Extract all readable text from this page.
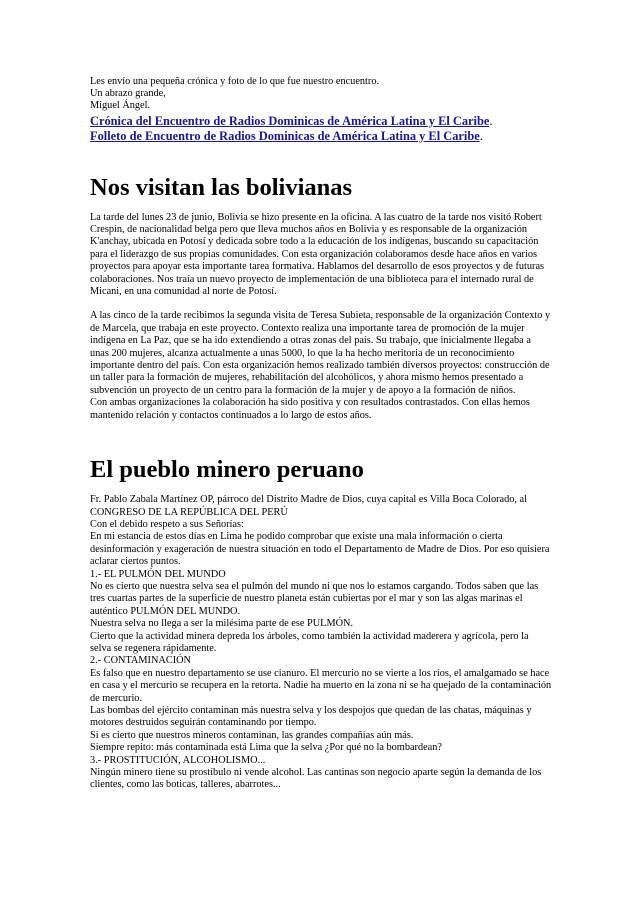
Les envío una pequeña crónica y foto de lo que fue nuestro encuentro.

Un abrazo grande,

Miguel Ángel.

Crónica del Encuentro de Radios Dominicas de América Latina y El Caribe.

Folleto de Encuentro de Radios Dominicas de América Latina y El Caribe.

Nos visitan las bolivianas

La tarde del lunes 23 de junio, Bolivia se hizo presente en la oficina. A las cuatro de la tarde nos visitó Robert Crespín, de nacionalidad belga pero que lleva muchos años en Bolivia y es responsable de la organización K'anchay, ubicada en Potosí y dedicada sobre todo a la educación de los indígenas, buscando su capacitación para el liderazgo de sus propias comunidades. Con esta organización colaboramos desde hace años en varios proyectos para apoyar esta importante tarea formativa. Hablamos del desarrollo de esos proyectos y de futuras colaboraciones. Nos traía un nuevo proyecto de implementación de una biblioteca para el internado rural de Micani, en una comunidad al norte de Potosí.

A las cinco de la tarde recibimos la segunda visita de Teresa Subieta, responsable de la organización Contexto y de Marcela, que trabaja en este proyecto. Contexto realiza una importante tarea de promoción de la mujer indígena en La Paz, que se ha ido extendiendo a otras zonas del país. Su trabajo, que inicialmente llegaba a unas 200 mujeres, alcanza actualmente a unas 5000, lo que la ha hecho meritoria de un reconocimiento importante dentro del país. Con esta organización hemos realizado también diversos proyectos: construcción de un taller para la formación de mujeres, rehabilitación del alcohólicos, y ahora mismo hemos presentado a subvención un proyecto de un centro para la formación de la mujer y de apoyo a la formación de niños.

Con ambas organizaciones la colaboración ha sido positiva y con resultados contrastados. Con ellas hemos mantenido relación y contactos continuados a lo largo de estos años.

El pueblo minero peruano

Fr. Pablo Zabala Martínez OP, párroco del Distrito Madre de Dios, cuya capital es Villa Boca Colorado, al CONGRESO DE LA REPÚBLICA DEL PERÚ

Con el debido respeto a sus Señorías:

En mi estancia de estos días en Lima he podido comprobar que existe una mala información o cierta desinformación y exageración de nuestra situación en todo el Departamento de Madre de Dios. Por eso quisiera aclarar ciertos puntos.

1.- EL PULMÓN DEL MUNDO

No es cierto que nuestra selva sea el pulmón del mundo ni que nos lo estamos cargando. Todos saben que las tres cuartas partes de la superficie de nuestro planeta están cubiertas por el mar y son las algas marinas el auténtico PULMÓN DEL MUNDO.

Nuestra selva no llega a ser la milésima parte de ese PULMÓN.

Cierto que la actividad minera depreda los árboles, como también la actividad maderera y agrícola, pero la selva se regenera rápidamente.

2.- CONTAMINACIÓN

Es falso que en nuestro departamento se use cianuro. El mercurio no se vierte a los ríos, el amalgamado se hace en casa y el mercurio se recupera en la retorta. Nadie ha muerto en la zona ni se ha quejado de la contaminación de mercurio.

Las bombas del ejército contaminan más nuestra selva y los despojos que quedan de las chatas, máquinas y motores destruidos seguirán contaminando por tiempo.

Si es cierto que nuestros mineros contaminan, las grandes compañías aún más.

Siempre repito: más contaminada está Lima que la selva ¿Por qué no la bombardean?

3.- PROSTITUCIÓN, ALCOHOLISMO...

Ningún minero tiene su prostíbulo ni vende alcohol. Las cantinas son negocio aparte según la demanda de los clientes, como las boticas, talleres, abarrotes...
